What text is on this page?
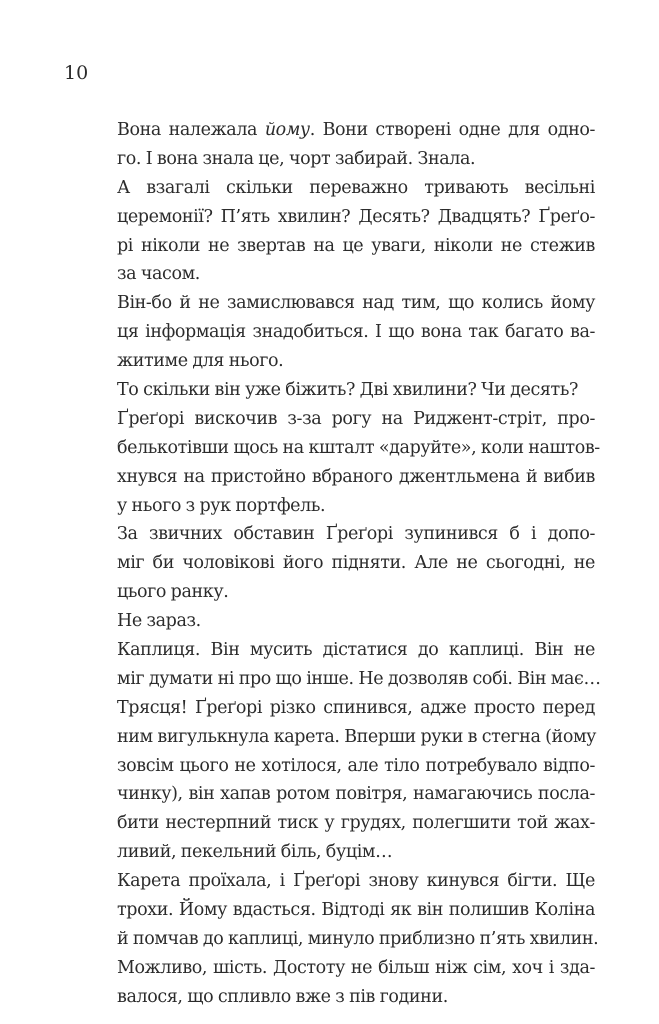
10
Вона належала йому. Вони створені одне для одно-
го. І вона знала це, чорт забирай. Знала.
А взагалі скільки переважно тривають весільні
церемонії? П’ять хвилин? Десять? Двадцять? Ґреґо-
рі ніколи не звертав на це уваги, ніколи не стежив
за часом.
Він-бо й не замислювався над тим, що колись йому
ця інформація знадобиться. І що вона так багато ва-
житиме для нього.
То скільки він уже біжить? Дві хвилини? Чи десять?
Ґреґорі вискочив з-за рогу на Риджент-стріт, про-
белькотівши щось на кшталт «даруйте», коли наштов-
хнувся на пристойно вбраного джентльмена й вибив
у нього з рук портфель.
За звичних обставин Ґреґорі зупинився б і допо-
міг би чоловікові його підняти. Але не сьогодні, не
цього ранку.
Не зараз.
Каплиця. Він мусить дістатися до каплиці. Він не
міг думати ні про що інше. Не дозволяв собі. Він має…
Трясця! Ґреґорі різко спинився, адже просто перед
ним вигулькнула карета. Вперши руки в стегна (йому
зовсім цього не хотілося, але тіло потребувало відпо-
чинку), він хапав ротом повітря, намагаючись посла-
бити нестерпний тиск у грудях, полегшити той жах-
ливий, пекельний біль, буцім…
Карета проїхала, і Ґреґорі знову кинувся бігти. Ще
трохи. Йому вдасться. Відтоді як він полишив Коліна
й помчав до каплиці, минуло приблизно п’ять хвилин.
Можливо, шість. Достоту не більш ніж сім, хоч і зда-
валося, що спливло вже з пів години.
